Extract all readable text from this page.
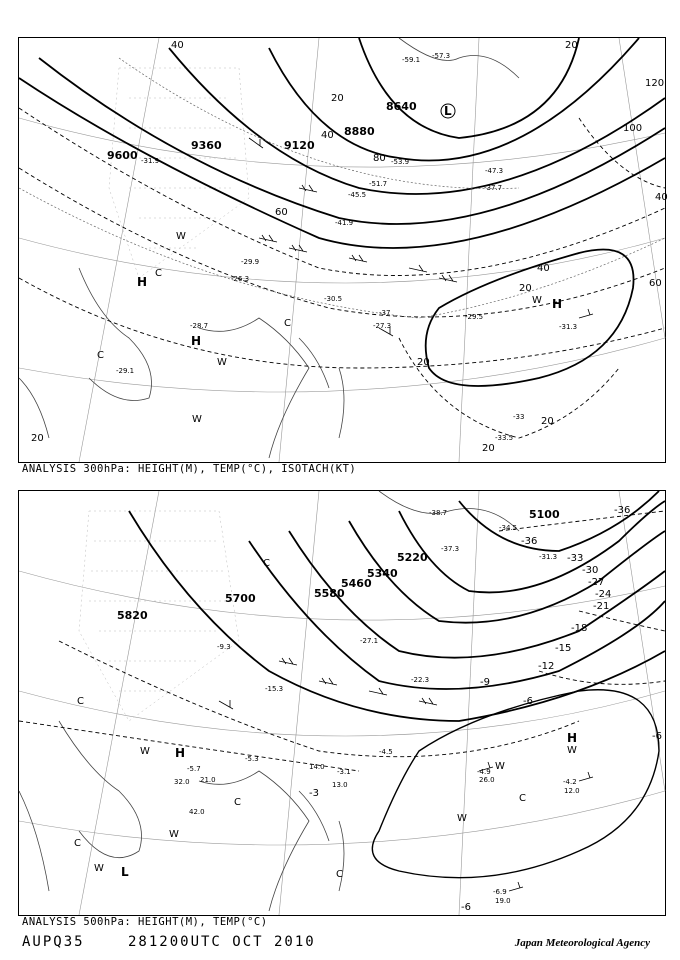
9600
9360	9120
8880
8640
40
20
40
60
80
100
120
40
20
20
60
40
20
20
20
20
L
H
H
H
C
C
C
W
W
W
W
-29.5
-31.3
-33.5
-30.5
-28.7
-26.3
-29.1
-37
-57.3
-59.1
-53.9
-51.7
-47.3
-41.9
-31.9
-27.3
-29.9
-45.5
-37.7
-33
ANALYSIS 300hPa: HEIGHT(M), TEMP(°C), ISOTACH(KT)
5820
5700	5580
5460
5340
5220
5100
-36
-33
-30
-27
-24
-21
-18
-15
-12
-9
-6
-3
-6
-6
-36
H
H
L
C
C
C
C
C
C
W
W
W
W
W
W
-4.9
-6.9
-4.2
-5.7
-5.3
-3.1
-4.5
-9.3
-15.3
-22.3
-27.1
-37.3
-38.7
-34.5
-31.3
26.0
12.0
19.0
42.0
32.0	13.0
14.0
21.0
ANALYSIS 500hPa: HEIGHT(M), TEMP(°C)
AUPQ35	281200UTC OCT 2010	Japan Meteorological Agency
